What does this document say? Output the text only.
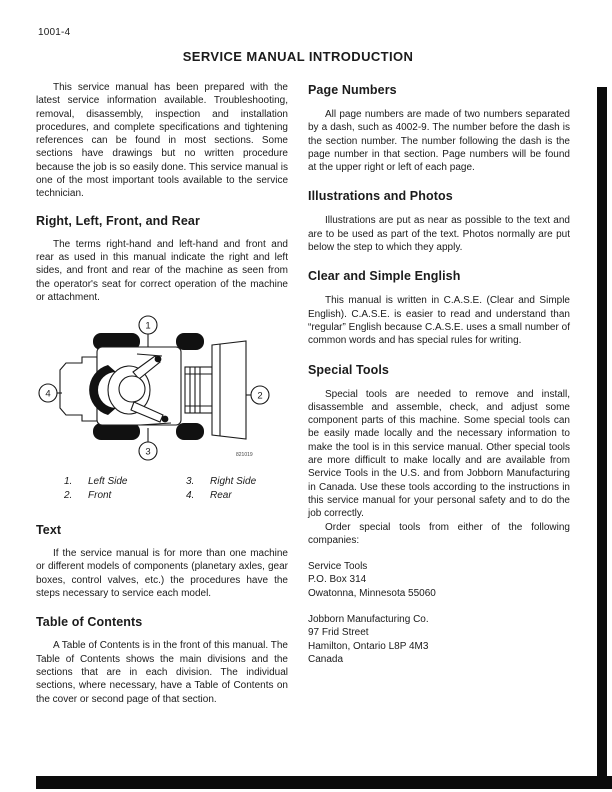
1001-4
SERVICE MANUAL INTRODUCTION

This service manual has been prepared with the latest service information available. Troubleshooting, removal, disassembly, inspection and installation procedures, and complete specifications and tightening references can be found in most sections. Some sections have drawings but no written procedure because the job is so easily done. This service manual is one of the most important tools available to the service technician.

Right, Left, Front, and Rear

The terms right-hand and left-hand and front and rear as used in this manual indicate the right and left sides, and front and rear of the machine as seen from the operator's seat for correct operation of the machine or attachment.

1
2
3
4
821019
1.	Left Side	3.	Right Side
2.	Front	4.	Rear
Text

If the service manual is for more than one machine or different models of components (planetary axles, gear boxes, control valves, etc.) the procedures have the steps necessary to service each model.

Table of Contents

A Table of Contents is in the front of this manual. The Table of Contents shows the main divisions and the sections that are in each division. The individual sections, where necessary, have a Table of Contents on the cover or second page of that section.

Page Numbers

All page numbers are made of two numbers separated by a dash, such as 4002-9. The number before the dash is the section number. The number following the dash is the page number in that section. Page numbers will be found at the upper right or left of each page.

Illustrations and Photos

Illustrations are put as near as possible to the text and are to be used as part of the text. Photos normally are put below the step to which they apply.

Clear and Simple English

This manual is written in C.A.S.E. (Clear and Simple English). C.A.S.E. is easier to read and understand than “regular” English because C.A.S.E. uses a small number of common words and has special rules for writing.

Special Tools

Special tools are needed to remove and install, disassemble and assemble, check, and adjust some component parts of this machine. Some special tools can be easily made locally and the necessary information to make the tool is in this service manual. Other special tools are more difficult to make locally and are available from Service Tools in the U.S. and from Jobborn Manufacturing in Canada. Use these tools according to the instructions in this service manual for your personal safety and to do the job correctly.

Order special tools from either of the following companies:

Service Tools
P.O. Box 314
Owatonna, Minnesota 55060
Jobborn Manufacturing Co.
97 Frid Street
Hamilton, Ontario L8P 4M3
Canada
